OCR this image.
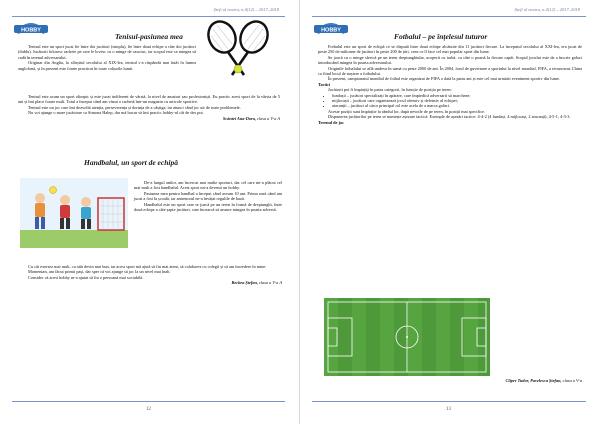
Ștefi ul nostru, n.4(12) – 2017–2018
HOBBY
Tenisul-pasiunea mea

Tenisul este un sport jucat fie între doi jucători (simplu), fie între două echipe a câte doi jucători (dublu). Jucătorii folosesc rachete pe care le lovesc cu o minge de cauciuc, iar scopul este ca mingea să cadă în terenul adversarului.

Originar din Anglia, la sfârșitul secolului al XIX-lea, tenisul s-a răspândit mai întâi în lumea anglofonă, și în prezent este foarte practicat în toate colțurile lumii.

Tenisul este acum un sport olimpic și este jucat indiferent de vârstă, la nivel de amatori sau profesioniști. Eu practic acest sport de la vârsta de 5 ani și îmi place foarte mult. Totul a început când am văzut o rachetă într-un magazin cu articole sportive.

Tenisul este un joc care îmi dezvoltă atenția, perseverența și dorința de a câștiga, iar atunci când joc uit de toate problemele.

Nu voi ajunge o mare jucătoare ca Simona Halep, dar mă bucur să îmi practic hobby-ul cât de des pot.

Scântei Ana-Dora, clasa a V-a A

Handbalul, un sport de echipă

De-a lungul anilor, am încercat mai multe sporturi, dar cel care mi-a plăcut cel mai mult a fost handbalul. Acest sport mi-a devenit un hobby.

Pasiunea mea pentru handbal a început când aveam 10 ani. Prima oară când am jucat a fost la școală, iar antrenorul ne-a învățat regulile de bază.

Handbalul este un sport care se joacă pe un teren în formă de dreptunghi, între două echipe a câte șapte jucători, care încearcă să arunce mingea în poarta adversă.

Cu cât exersez mai mult, cu atât devin mai bun, iar acest sport mă ajută să fiu mai atent, să colaborez cu colegii și să am încredere în mine.

Momentan, am făcut primii pași, dar sper că voi ajunge să joc la un nivel mai înalt.

Consider că acest hobby m-a ajutat să fiu o persoană mai sociabilă.

Reckea Ștefan, clasa a V-a A

12
Ștefi ul nostru, n.4(12) – 2017–2018
HOBBY
Fotbalul – pe înțelesul tuturor

Fotbalul este un sport de echipă ce se dispută între două echipe alcătuite din 11 jucători fiecare. La începutul secolului al XXI-lea, era jucat de peste 250 de milioane de jucători în peste 200 de țări, ceea ce îl face cel mai popular sport din lume.

Se joacă cu o minge sferică pe un teren dreptunghiular, acoperit cu iarbă, cu câte o poartă la fiecare capăt. Scopul jocului este de a înscrie goluri introducând mingea în poarta adversarului.

Originile fotbalului se află undeva în urmă cu peste 2000 de ani. În 2004, forul de guvernare a sportului la nivel mondial, FIFA, a recunoscut China ca fiind locul de naștere a fotbalului.

În prezent, campionatul mondial de fotbal este organizat de FIFA o dată la patru ani și este cel mai urmărit eveniment sportiv din lume.

Tactici

Jucătorii pot fi împărțiți în patru categorii, în funcție de poziția pe teren:

• fundașii – jucători specializați în apărare, care împiedică adversarii să marcheze;
• mijlocașii – jucători care organizează jocul ofensiv și defensiv al echipei;
• atacanții – jucători al căror principal rol este acela de a marca goluri.

Aceste poziții sunt împărțite la rândul lor, după nevoile de pe teren, în poziții mai specifice.

Dispunerea jucătorilor pe teren se numește așezare tactică. Exemple de așezări tactice: 4-4-2 (4 fundași, 4 mijlocași, 2 atacanți), 4-5-1, 4-3-3.

Terenul de joc

Cliper Tudor, Pavelescu Ștefan, clasa a V-a

13
